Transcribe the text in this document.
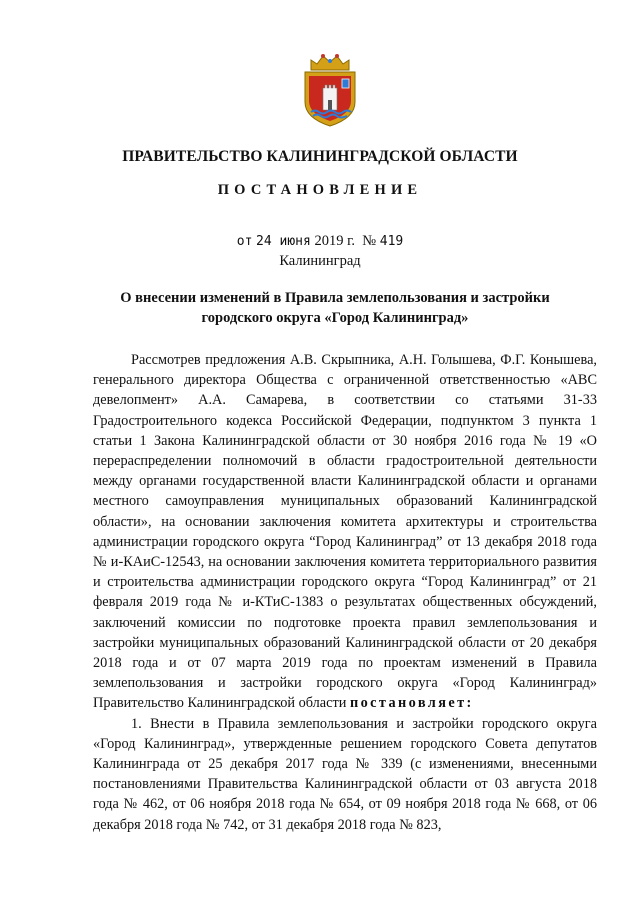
ПРАВИТЕЛЬСТВО КАЛИНИНГРАДСКОЙ ОБЛАСТИ
ПОСТАНОВЛЕНИЕ
от 24 июня 2019 г. № 419
Калининград
О внесении изменений в Правила землепользования и застройки городского округа «Город Калининград»

Рассмотрев предложения А.В. Скрыпника, А.Н. Голышева, Ф.Г. Конышева, генерального директора Общества с ограниченной ответственностью «АВС девелопмент» А.А. Самарева, в соответствии со статьями 31-33 Градостроительного кодекса Российской Федерации, подпунктом 3 пункта 1 статьи 1 Закона Калининградской области от 30 ноября 2016 года № 19 «О перераспределении полномочий в области градостроительной деятельности между органами государственной власти Калининградской области и органами местного самоуправления муниципальных образований Калининградской области», на основании заключения комитета архитектуры и строительства администрации городского округа “Город Калининград” от 13 декабря 2018 года № и-КАиС-12543, на основании заключения комитета территориального развития и строительства администрации городского округа “Город Калининград” от 21 февраля 2019 года № и-КТиС-1383 о результатах общественных обсуждений, заключений комиссии по подготовке проекта правил землепользования и застройки муниципальных образований Калининградской области от 20 декабря 2018 года и от 07 марта 2019 года по проектам изменений в Правила землепользования и застройки городского округа «Город Калининград» Правительство Калининградской области постановляет:

1. Внести в Правила землепользования и застройки городского округа «Город Калининград», утвержденные решением городского Совета депутатов Калининграда от 25 декабря 2017 года № 339 (с изменениями, внесенными постановлениями Правительства Калининградской области от 03 августа 2018 года № 462, от 06 ноября 2018 года № 654, от 09 ноября 2018 года № 668, от 06 декабря 2018 года № 742, от 31 декабря 2018 года № 823,
